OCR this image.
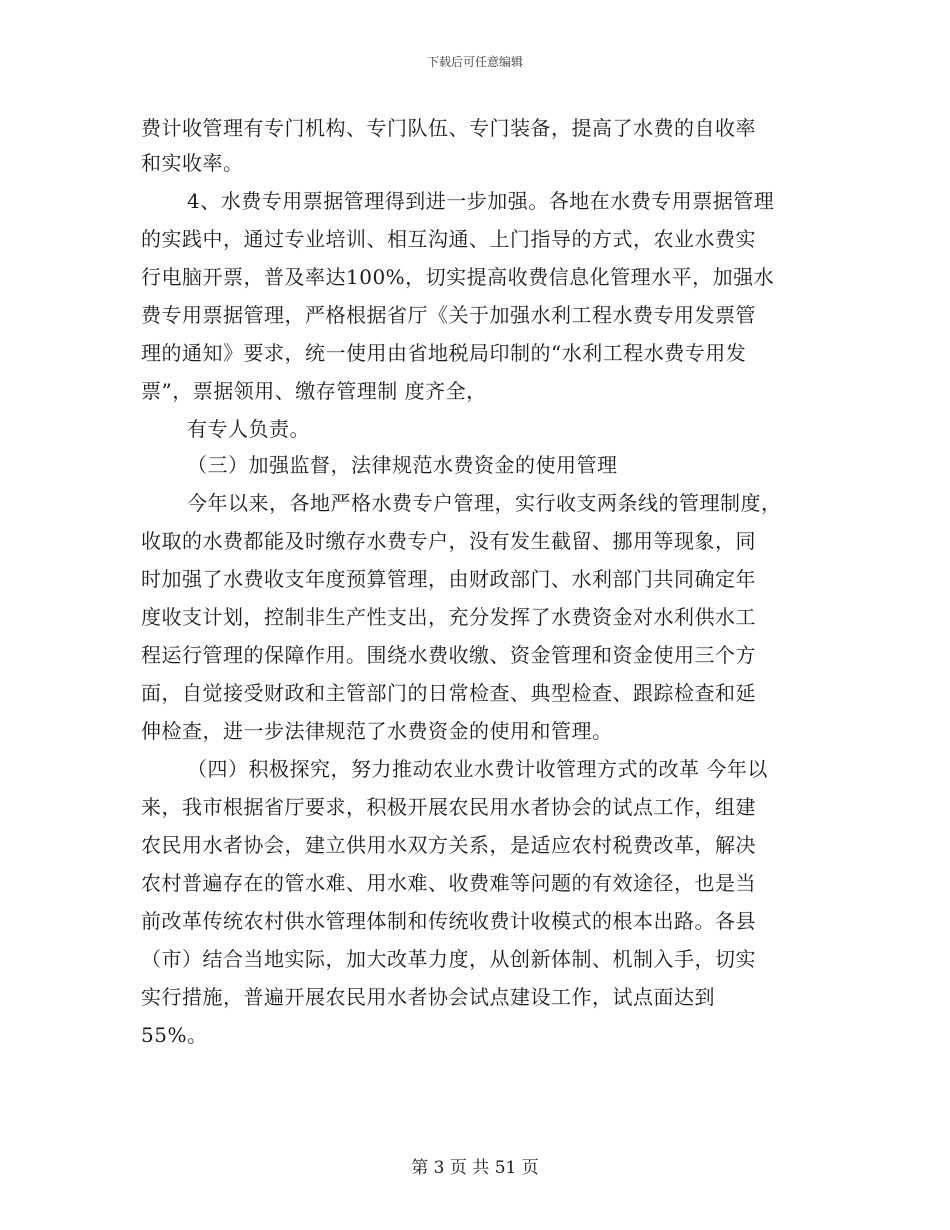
下载后可任意编辑
费计收管理有专门机构、专门队伍、专门装备，提高了水费的自收率
和实收率。
4、水费专用票据管理得到进一步加强。各地在水费专用票据管理
的实践中，通过专业培训、相互沟通、上门指导的方式，农业水费实
行电脑开票，普及率达100%，切实提高收费信息化管理水平，加强水
费专用票据管理，严格根据省厅《关于加强水利工程水费专用发票管
理的通知》要求，统一使用由省地税局印制的“水利工程水费专用发
票”，票据领用、缴存管理制 度齐全，
有专人负责。
（三）加强监督，法律规范水费资金的使用管理
今年以来，各地严格水费专户管理，实行收支两条线的管理制度，
收取的水费都能及时缴存水费专户，没有发生截留、挪用等现象，同
时加强了水费收支年度预算管理，由财政部门、水利部门共同确定年
度收支计划，控制非生产性支出，充分发挥了水费资金对水利供水工
程运行管理的保障作用。围绕水费收缴、资金管理和资金使用三个方
面，自觉接受财政和主管部门的日常检查、典型检查、跟踪检查和延
伸检查，进一步法律规范了水费资金的使用和管理。
（四）积极探究，努力推动农业水费计收管理方式的改革 今年以
来，我市根据省厅要求，积极开展农民用水者协会的试点工作，组建
农民用水者协会，建立供用水双方关系，是适应农村税费改革，解决
农村普遍存在的管水难、用水难、收费难等问题的有效途径，也是当
前改革传统农村供水管理体制和传统收费计收模式的根本出路。各县
（市）结合当地实际，加大改革力度，从创新体制、机制入手，切实
实行措施，普遍开展农民用水者协会试点建设工作，试点面达到
55%。
第 3 页 共 51 页
